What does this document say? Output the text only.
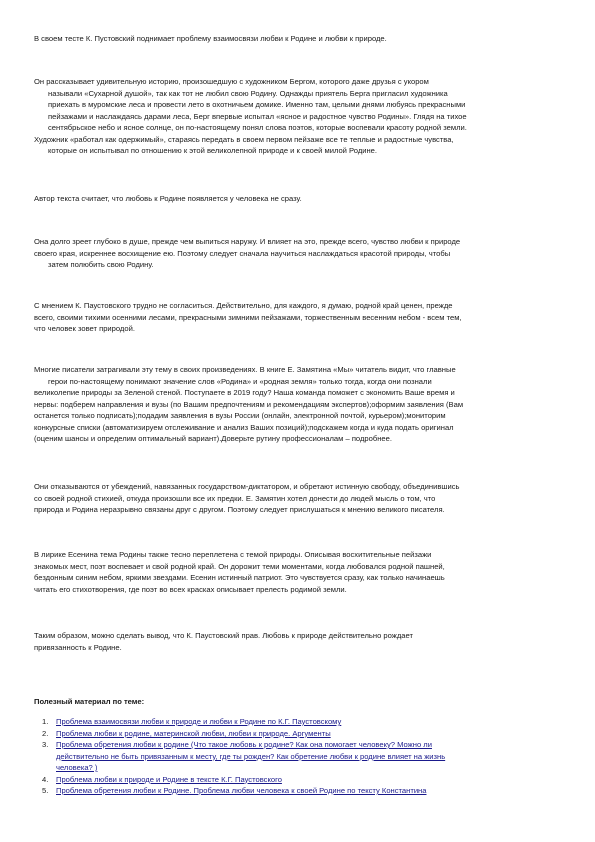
В своем тесте К. Пустовский поднимает проблему взаимосвязи любви к Родине и любви к природе.

Он рассказывает удивительную историю, произошедшую с художником Бергом, которого даже друзья с укором
называли «Сухарной душой», так как тот не любил свою Родину. Однажды приятель Берга пригласил художника
приехать в муромские леса и провести лето в охотничьем домике. Именно там, целыми днями любуясь прекрасными
пейзажами и наслаждаясь дарами леса, Берг впервые испытал «ясное и радостное чувство Родины». Глядя на тихое
сентябрьское небо и ясное солнце, он по-настоящему понял слова поэтов, которые воспевали красоту родной земли.
Художник «работал как одержимый», стараясь передать в своем первом пейзаже все те теплые и радостные чувства,
которые он испытывал по отношению к этой великолепной природе и к своей милой Родине.

Автор текста считает, что любовь к Родине появляется у человека не сразу.

Она долго зреет глубоко в душе, прежде чем выпиться наружу. И влияет на это, прежде всего, чувство любви к природе
своего края, искреннее восхищение ею. Поэтому следует сначала научиться наслаждаться красотой природы, чтобы
затем полюбить свою Родину.

С мнением К. Паустовского трудно не согласиться. Действительно, для каждого, я думаю, родной край ценен, прежде
всего, своими тихими осенними лесами, прекрасными зимними пейзажами, торжественным весенним небом - всем тем,
что человек зовет природой.

Многие писатели затрагивали эту тему в своих произведениях. В книге Е. Замятина «Мы» читатель видит, что главные
герои по-настоящему понимают значение слов «Родина» и «родная земля» только тогда, когда они познали
великолепие природы за Зеленой стеной. Поступаете в 2019 году? Наша команда поможет с экономить Ваше время и
нервы: подберем направления и вузы (по Вашим предпочтениям и рекомендациям экспертов);оформим заявления (Вам
останется только подписать);подадим заявления в вузы России (онлайн, электронной почтой, курьером);мониторим
конкурсные списки (автоматизируем отслеживание и анализ Ваших позиций);подскажем когда и куда подать оригинал
(оценим шансы и определим оптимальный вариант).Доверьте рутину профессионалам – подробнее.

Они отказываются от убеждений, навязанных государством-диктатором, и обретают истинную свободу, объединившись
со своей родной стихией, откуда произошли все их предки. Е. Замятин хотел донести до людей мысль о том, что
природа и Родина неразрывно связаны друг с другом. Поэтому следует прислушаться к мнению великого писателя.

В лирике Есенина тема Родины также тесно переплетена с темой природы. Описывая восхитительные пейзажи
знакомых мест, поэт воспевает и свой родной край. Он дорожит теми моментами, когда любовался родной пашней,
бездонным синим небом, яркими звездами. Есенин истинный патриот. Это чувствуется сразу, как только начинаешь
читать его стихотворения, где поэт во всех красках описывает прелесть родимой земли.

Таким образом, можно сделать вывод, что К. Паустовский прав. Любовь к природе действительно рождает
привязанность к Родине.

Полезный материал по теме:

1. Проблема взаимосвязи любви к природе и любви к Родине по К.Г. Паустовскому
2. Проблема любви к родине, материнской любви, любви к природе. Аргументы
3. Проблема обретения любви к родине (Что такое любовь к родине? Как она помогает человеку? Можно ли
действительно не быть привязанным к месту, где ты рожден? Как обретение любви к родине влияет на жизнь
человека? )
4. Проблема любви к природе и Родине в тексте К.Г. Паустовского
5. Проблема обретения любви к Родине. Проблема любви человека к своей Родине по тексту Константина
